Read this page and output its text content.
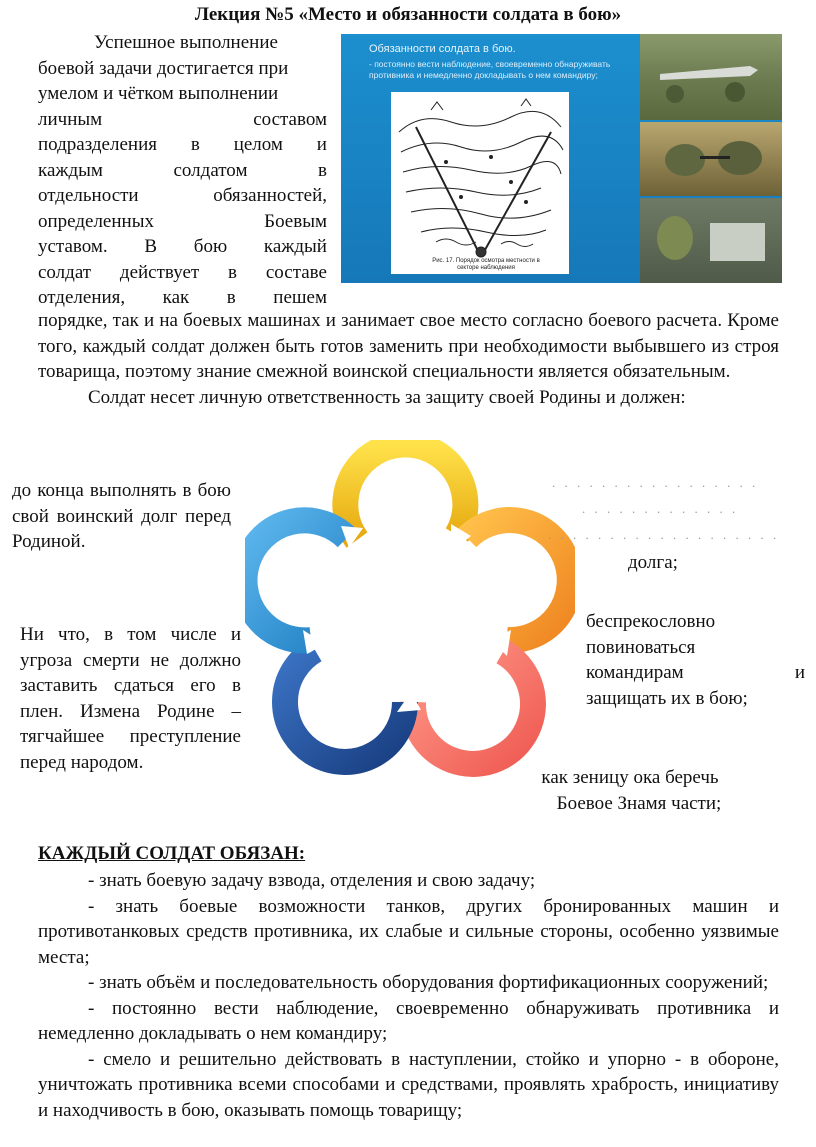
Лекция №5 «Место и обязанности солдата в бою»
Успешное выполнение
боевой задачи достигается при
умелом и чётком выполнении
личным	составом
подразделения в целом и
каждым	солдатом	в
отдельности	обязанностей,
определенных	Боевым
уставом. В бою каждый
солдат действует в составе
отделения, как в пешем
Обязанности солдата в бою.
- постоянно вести наблюдение, своевременно обнаруживать противника и немедленно докладывать о нем командиру;
Рис. 17. Порядок осмотра местности в секторе наблюдения
порядке, так и на боевых машинах и занимает свое место согласно боевого расчета. Кроме того, каждый солдат должен быть готов заменить при необходимости выбывшего из строя товарища, поэтому знание смежной воинской специальности является обязательным.
Солдат несет личную ответственность за защиту своей Родины и должен:
до конца выполнять в бою свой воинский долг перед Родиной.
. . . . . . . . . . . . . . . . .
. . . . . . . . . . . . .
. . . . . . . . . . . . . . . . . . .
долга;
беспрекословно
повиноваться
командирам	и
защищать их в бою;
как зеницу ока беречь
Боевое Знамя части;
Ни что, в том числе и угроза смерти не должно заставить сдаться его в плен. Измена Родине – тягчайшее преступление перед народом.
КАЖДЫЙ СОЛДАТ ОБЯЗАН:

- знать боевую задачу взвода, отделения и свою задачу;

- знать боевые возможности танков, других бронированных машин и противотанковых средств противника, их слабые и сильные стороны, особенно уязвимые места;

- знать объём и последовательность оборудования фортификационных сооружений;

- постоянно вести наблюдение, своевременно обнаруживать противника и немедленно докладывать о нем командиру;

- смело и решительно действовать в наступлении, стойко и упорно - в обороне, уничтожать противника всеми способами и средствами, проявлять храбрость, инициативу и находчивость в бою, оказывать помощь товарищу;
